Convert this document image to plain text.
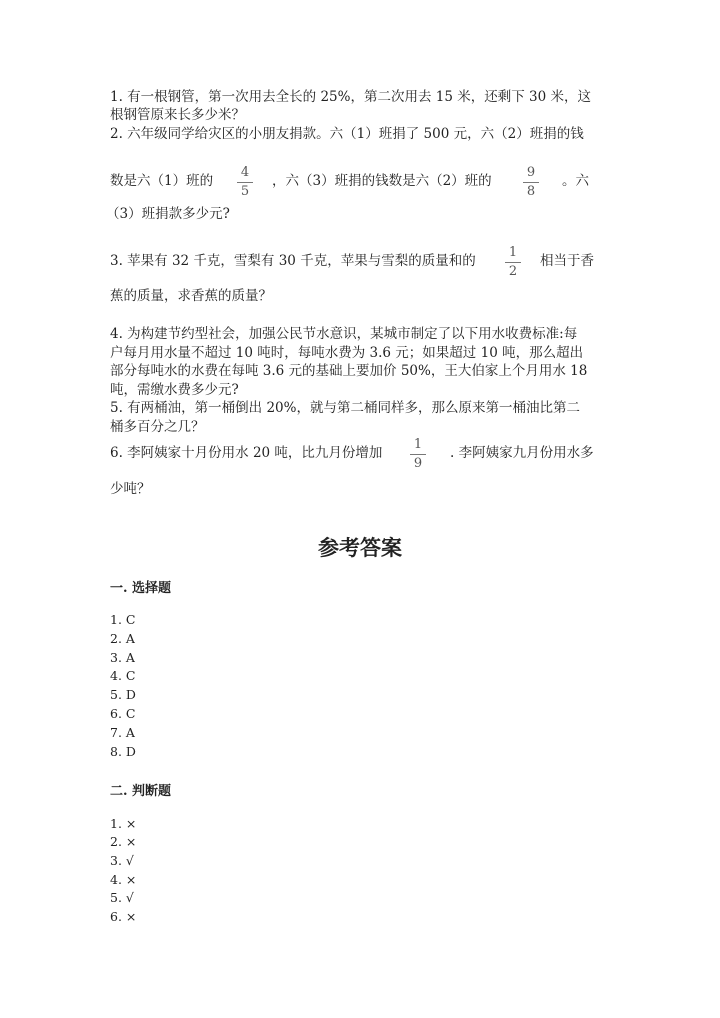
1. 有一根钢管，第一次用去全长的 25%，第二次用去 15 米，还剩下 30 米，这
根钢管原来长多少米？
2. 六年级同学给灾区的小朋友捐款。六（1）班捐了 500 元，六（2）班捐的钱
数是六（1）班的
4
5
，六（3）班捐的钱数是六（2）班的
9
8
。六
（3）班捐款多少元?
3. 苹果有 32 千克，雪梨有 30 千克，苹果与雪梨的质量和的
1
2
相当于香
蕉的质量，求香蕉的质量？
4. 为构建节约型社会，加强公民节水意识，某城市制定了以下用水收费标准:每
户每月用水量不超过 10 吨时，每吨水费为 3.6 元；如果超过 10 吨，那么超出
部分每吨水的水费在每吨 3.6 元的基础上要加价 50%，王大伯家上个月用水 18
吨，需缴水费多少元?
5. 有两桶油，第一桶倒出 20%，就与第二桶同样多，那么原来第一桶油比第二
桶多百分之几？
6. 李阿姨家十月份用水 20 吨，比九月份增加
1
9
. 李阿姨家九月份用水多
少吨？
参考答案
一. 选择题
1. C
2. A
3. A
4. C
5. D
6. C
7. A
8. D
二. 判断题
1. ×
2. ×
3. √
4. ×
5. √
6. ×
